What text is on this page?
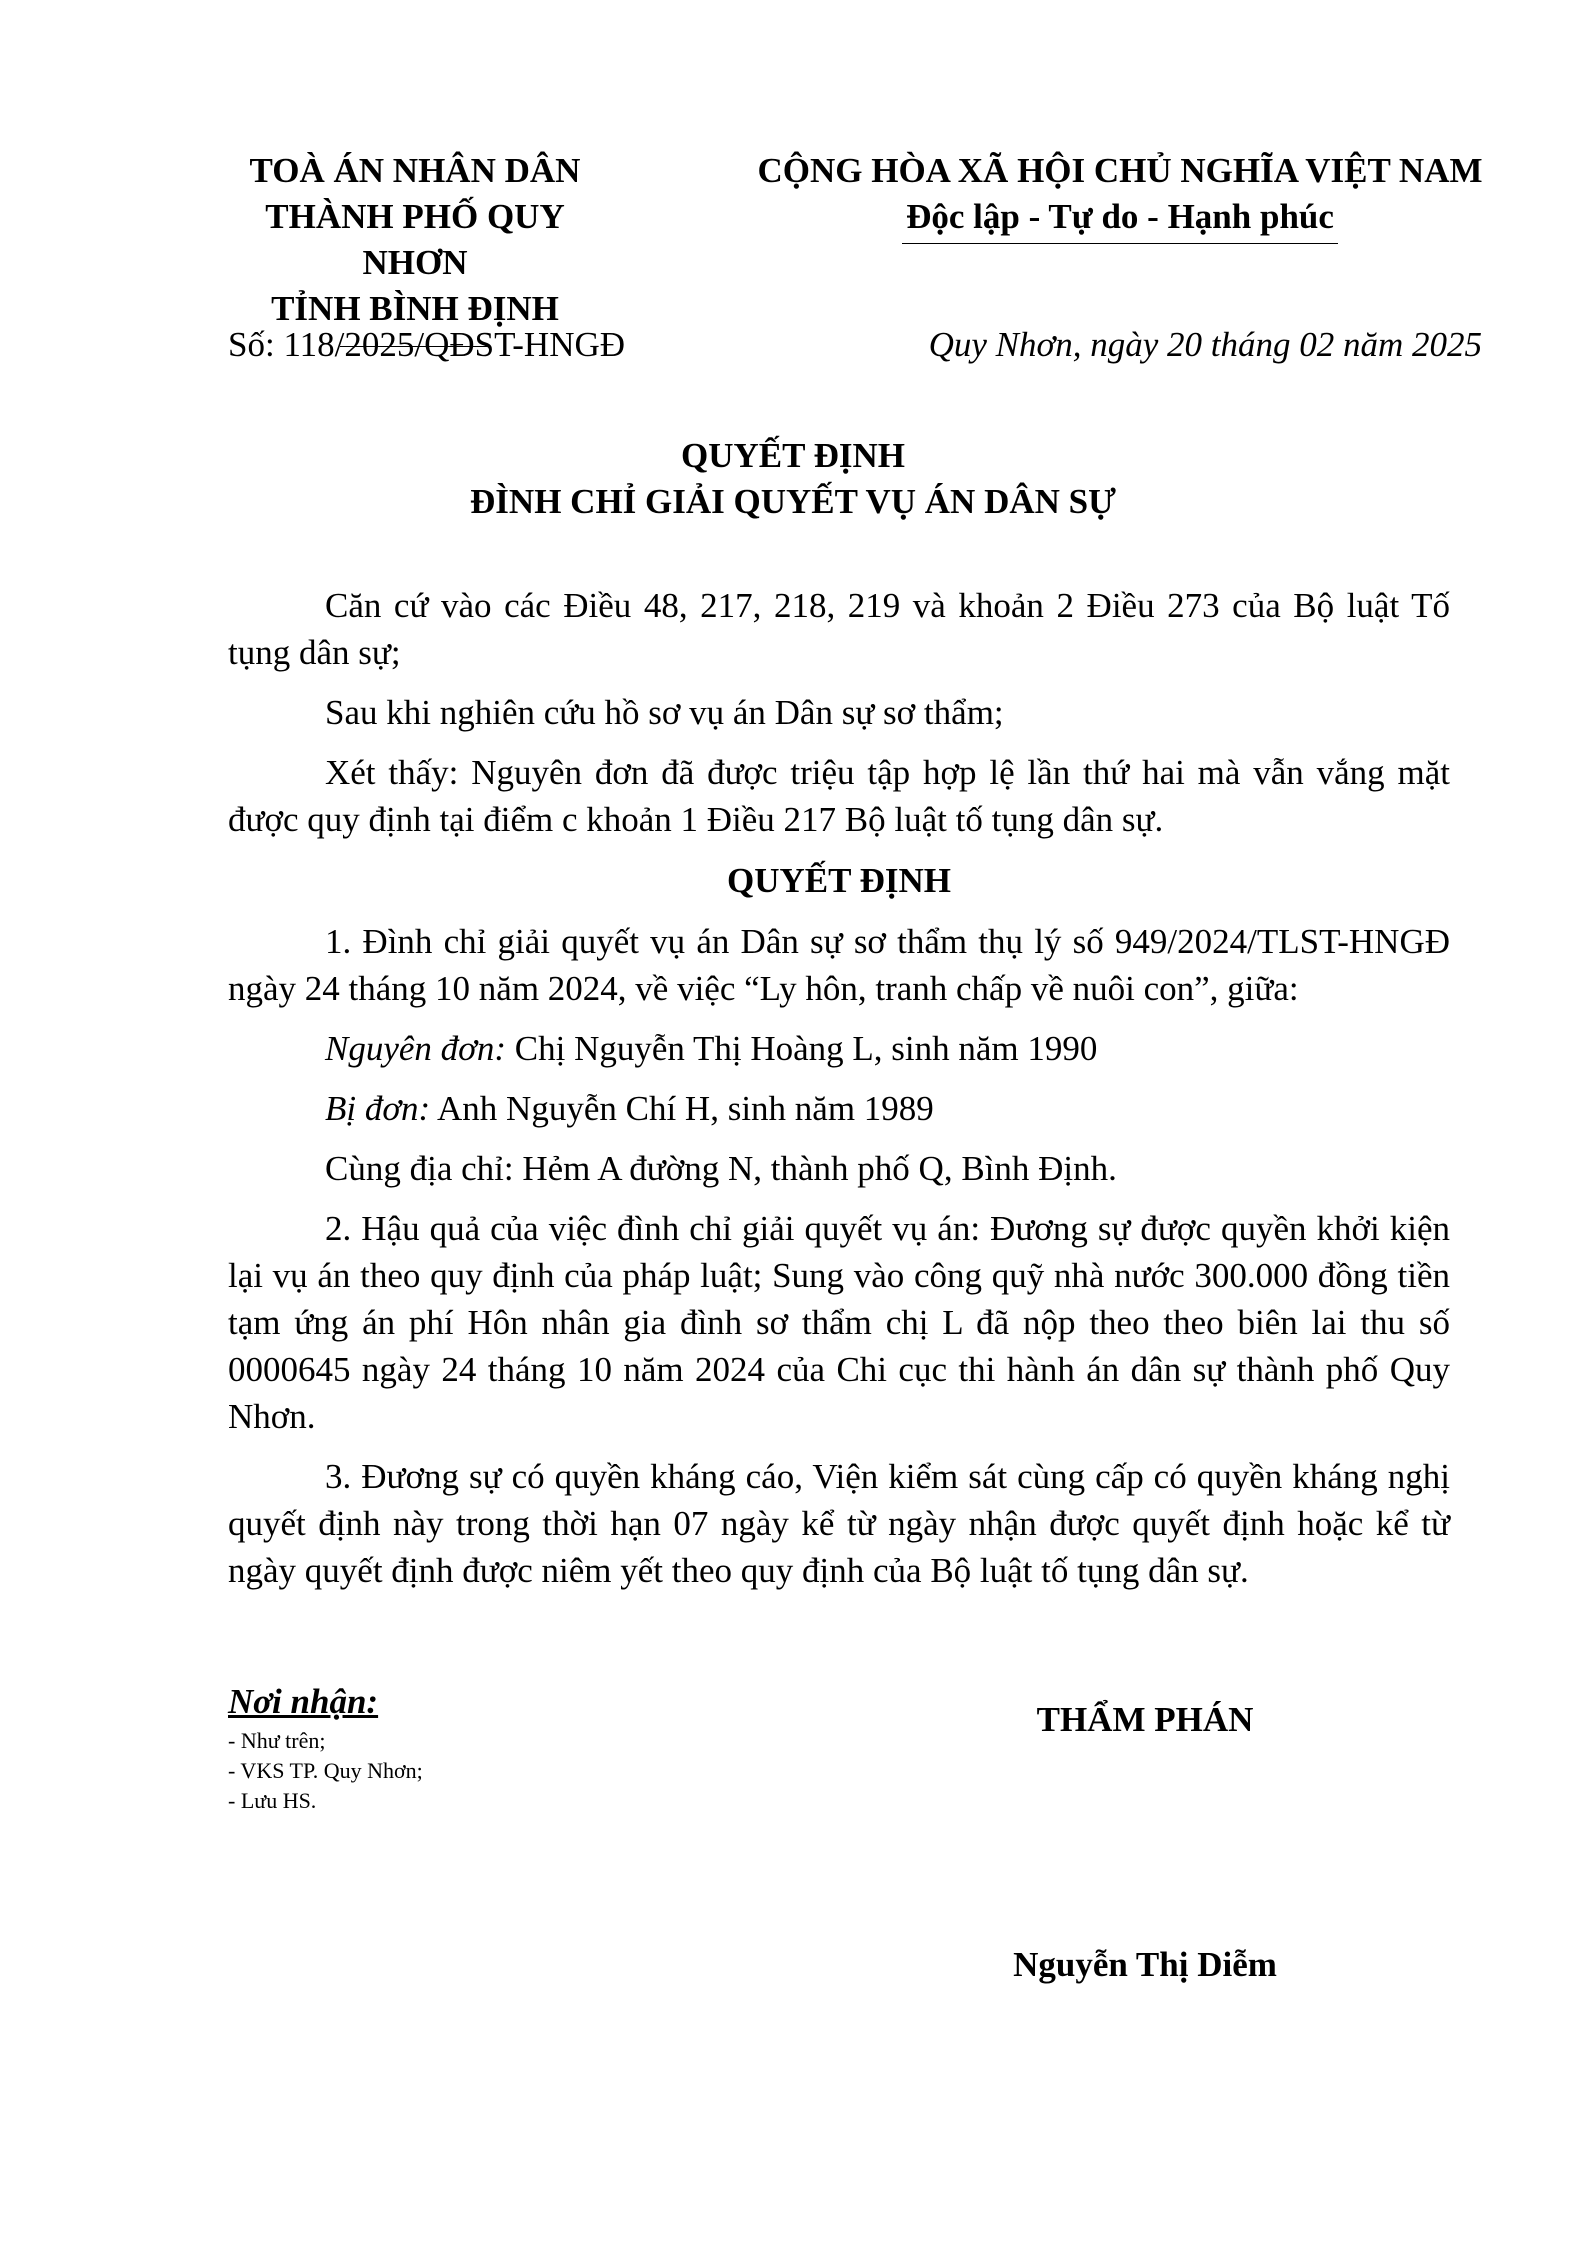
TOÀ ÁN NHÂN DÂN
THÀNH PHỐ QUY NHƠN
TỈNH BÌNH ĐỊNH
CỘNG HÒA XÃ HỘI CHỦ NGHĨA VIỆT NAM
Độc lập - Tự do - Hạnh phúc
Số: 118/2025/QĐST-HNGĐ	Quy Nhơn, ngày 20 tháng 02 năm 2025
QUYẾT ĐỊNH
ĐÌNH CHỈ GIẢI QUYẾT VỤ ÁN DÂN SỰ

Căn cứ vào các Điều 48, 217, 218, 219 và khoản 2 Điều 273 của Bộ luật Tố tụng dân sự;

Sau khi nghiên cứu hồ sơ vụ án Dân sự sơ thẩm;

Xét thấy: Nguyên đơn đã được triệu tập hợp lệ lần thứ hai mà vẫn vắng mặt được quy định tại điểm c khoản 1 Điều 217 Bộ luật tố tụng dân sự.

QUYẾT ĐỊNH

1. Đình chỉ giải quyết vụ án Dân sự sơ thẩm thụ lý số 949/2024/TLST-HNGĐ ngày 24 tháng 10 năm 2024, về việc “Ly hôn, tranh chấp về nuôi con”, giữa:

Nguyên đơn: Chị Nguyễn Thị Hoàng L, sinh năm 1990

Bị đơn: Anh Nguyễn Chí H, sinh năm 1989

Cùng địa chỉ: Hẻm A đường N, thành phố Q, Bình Định.

2. Hậu quả của việc đình chỉ giải quyết vụ án: Đương sự được quyền khởi kiện lại vụ án theo quy định của pháp luật; Sung vào công quỹ nhà nước 300.000 đồng tiền tạm ứng án phí Hôn nhân gia đình sơ thẩm chị L đã nộp theo theo biên lai thu số 0000645 ngày 24 tháng 10 năm 2024 của Chi cục thi hành án dân sự thành phố Quy Nhơn.

3. Đương sự có quyền kháng cáo, Viện kiểm sát cùng cấp có quyền kháng nghị quyết định này trong thời hạn 07 ngày kể từ ngày nhận được quyết định hoặc kể từ ngày quyết định được niêm yết theo quy định của Bộ luật tố tụng dân sự.

Nơi nhận:
- Như trên;
- VKS TP. Quy Nhơn;
- Lưu HS.
THẨM PHÁN
Nguyễn Thị Diễm
